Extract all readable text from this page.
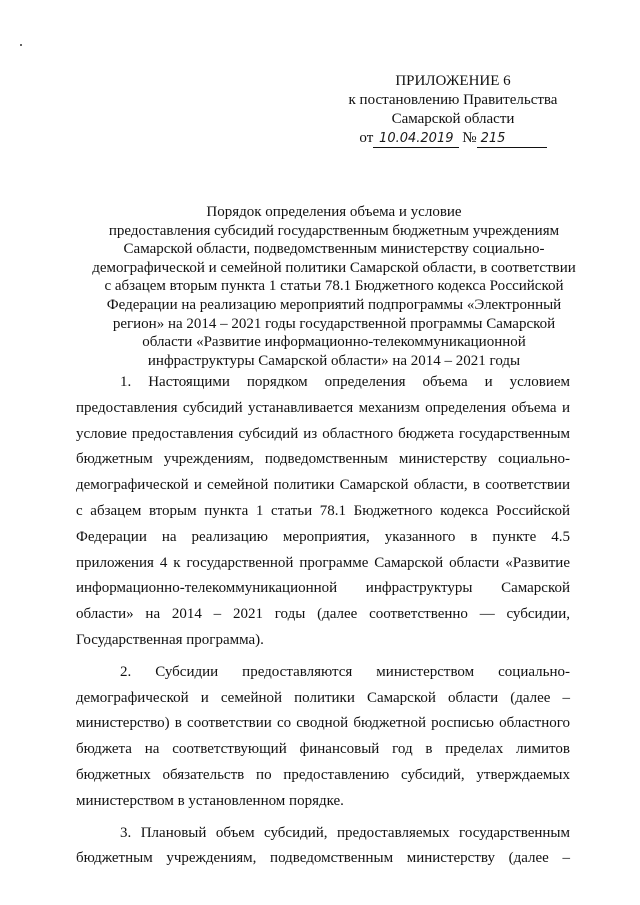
ПРИЛОЖЕНИЕ 6
к постановлению Правительства
Самарской области
от 10.04.2019 № 215
Порядок определения объема и условие
предоставления субсидий государственным бюджетным учреждениям
Самарской области, подведомственным министерству социально-
демографической и семейной политики Самарской области, в соответствии
с абзацем вторым пункта 1 статьи 78.1 Бюджетного кодекса Российской
Федерации на реализацию мероприятий подпрограммы «Электронный
регион» на 2014 – 2021 годы государственной программы Самарской
области «Развитие информационно-телекоммуникационной
инфраструктуры Самарской области» на 2014 – 2021 годы
1. Настоящими порядком определения объема и условием
предоставления субсидий устанавливается механизм определения объема и
условие предоставления субсидий из областного бюджета государственным
бюджетным учреждениям, подведомственным министерству социально-
демографической и семейной политики Самарской области, в соответствии
с абзацем вторым пункта 1 статьи 78.1 Бюджетного кодекса Российской
Федерации на реализацию мероприятия, указанного в пункте 4.5
приложения 4 к государственной программе Самарской области «Развитие
информационно-телекоммуникационной инфраструктуры Самарской
области» на 2014 – 2021 годы (далее соответственно — субсидии,
Государственная программа).
2. Субсидии предоставляются министерством социально-
демографической и семейной политики Самарской области (далее –
министерство) в соответствии со сводной бюджетной росписью областного
бюджета на соответствующий финансовый год в пределах лимитов
бюджетных обязательств по предоставлению субсидий, утверждаемых
министерством в установленном порядке.
3. Плановый объем субсидий, предоставляемых государственным
бюджетным учреждениям, подведомственным министерству (далее –
